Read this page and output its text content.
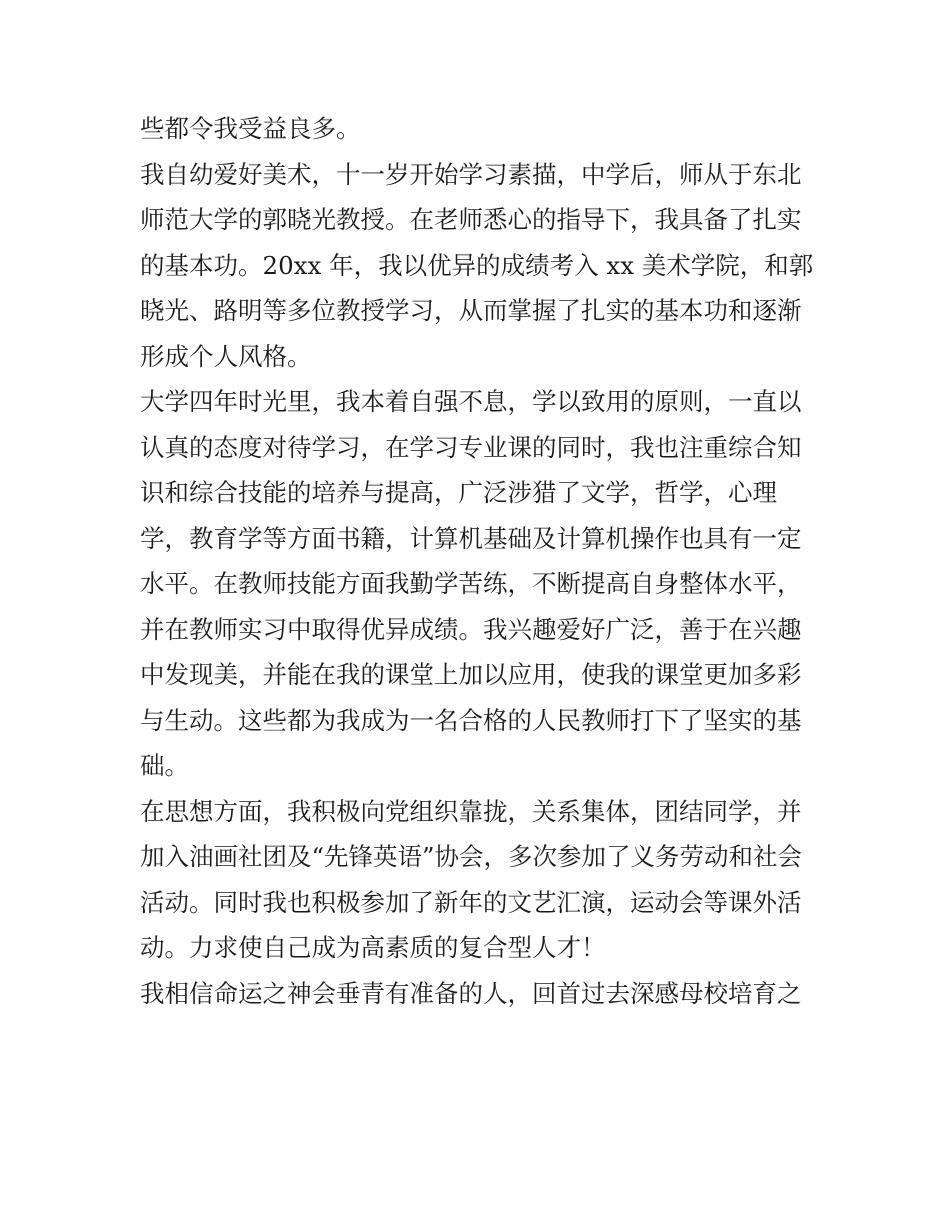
些都令我受益良多。
我自幼爱好美术，十一岁开始学习素描，中学后，师从于东北
师范大学的郭晓光教授。在老师悉心的指导下，我具备了扎实
的基本功。20xx 年，我以优异的成绩考入 xx 美术学院，和郭
晓光、路明等多位教授学习，从而掌握了扎实的基本功和逐渐
形成个人风格。
大学四年时光里，我本着自强不息，学以致用的原则，一直以
认真的态度对待学习，在学习专业课的同时，我也注重综合知
识和综合技能的培养与提高，广泛涉猎了文学，哲学，心理
学，教育学等方面书籍，计算机基础及计算机操作也具有一定
水平。在教师技能方面我勤学苦练，不断提高自身整体水平，
并在教师实习中取得优异成绩。我兴趣爱好广泛，善于在兴趣
中发现美，并能在我的课堂上加以应用，使我的课堂更加多彩
与生动。这些都为我成为一名合格的人民教师打下了坚实的基
础。
在思想方面，我积极向党组织靠拢，关系集体，团结同学，并
加入油画社团及“先锋英语”协会，多次参加了义务劳动和社会
活动。同时我也积极参加了新年的文艺汇演，运动会等课外活
动。力求使自己成为高素质的复合型人才！
我相信命运之神会垂青有准备的人，回首过去深感母校培育之
